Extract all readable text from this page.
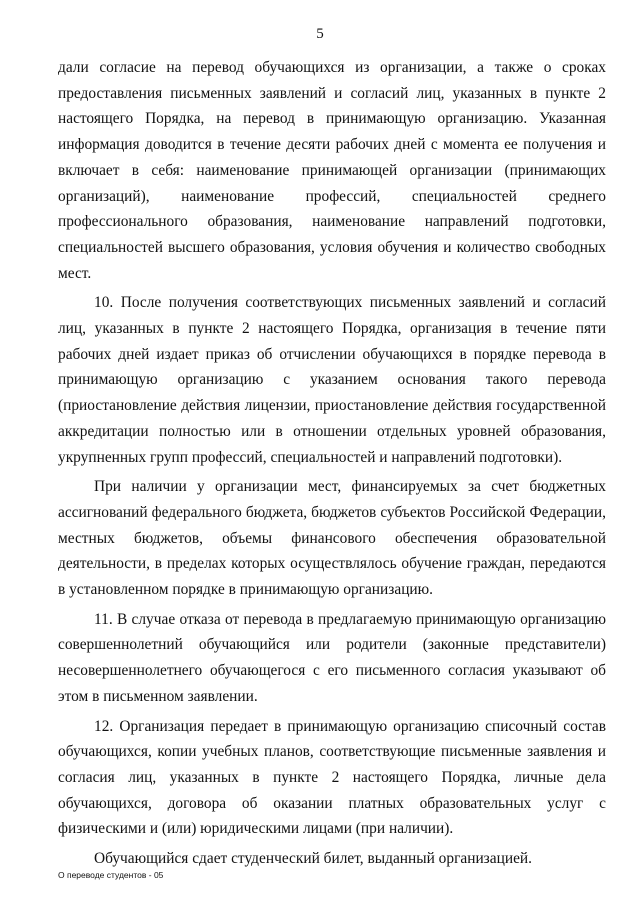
5

дали согласие на перевод обучающихся из организации, а также о сроках предоставления письменных заявлений и согласий лиц, указанных в пункте 2 настоящего Порядка, на перевод в принимающую организацию. Указанная информация доводится в течение десяти рабочих дней с момента ее получения и включает в себя: наименование принимающей организации (принимающих организаций), наименование профессий, специальностей среднего профессионального образования, наименование направлений подготовки, специальностей высшего образования, условия обучения и количество свободных мест.

10. После получения соответствующих письменных заявлений и согласий лиц, указанных в пункте 2 настоящего Порядка, организация в течение пяти рабочих дней издает приказ об отчислении обучающихся в порядке перевода в принимающую организацию с указанием основания такого перевода (приостановление действия лицензии, приостановление действия государственной аккредитации полностью или в отношении отдельных уровней образования, укрупненных групп профессий, специальностей и направлений подготовки).

При наличии у организации мест, финансируемых за счет бюджетных ассигнований федерального бюджета, бюджетов субъектов Российской Федерации, местных бюджетов, объемы финансового обеспечения образовательной деятельности, в пределах которых осуществлялось обучение граждан, передаются в установленном порядке в принимающую организацию.

11. В случае отказа от перевода в предлагаемую принимающую организацию совершеннолетний обучающийся или родители (законные представители) несовершеннолетнего обучающегося с его письменного согласия указывают об этом в письменном заявлении.

12. Организация передает в принимающую организацию списочный состав обучающихся, копии учебных планов, соответствующие письменные заявления и согласия лиц, указанных в пункте 2 настоящего Порядка, личные дела обучающихся, договора об оказании платных образовательных услуг с физическими и (или) юридическими лицами (при наличии).

Обучающийся сдает студенческий билет, выданный организацией.

О переводе студентов - 05
